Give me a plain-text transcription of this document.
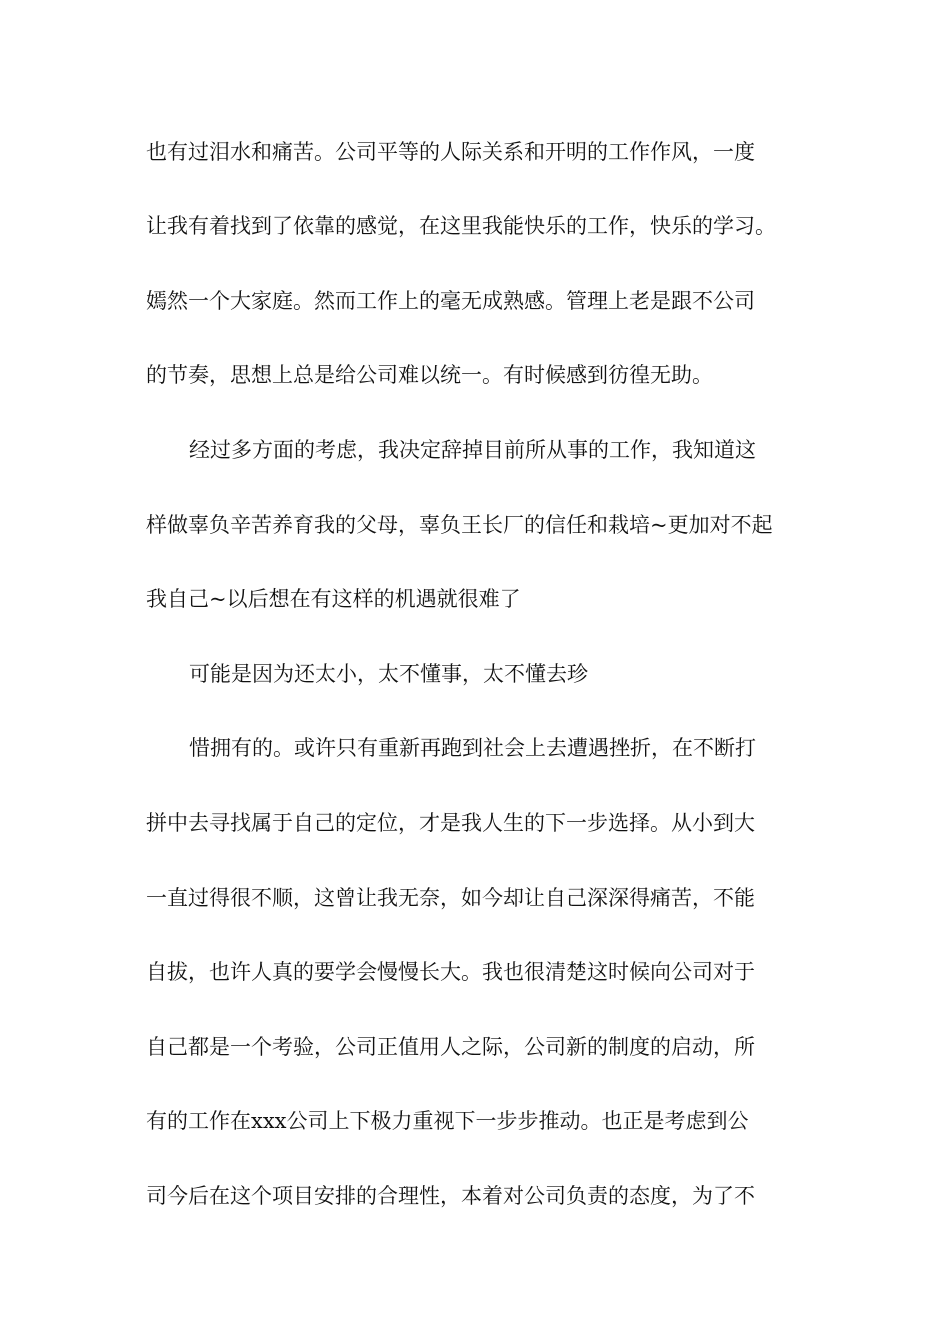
也有过泪水和痛苦。公司平等的人际关系和开明的工作作风，一度
让我有着找到了依靠的感觉，在这里我能快乐的工作，快乐的学习。
嫣然一个大家庭。然而工作上的毫无成熟感。管理上老是跟不公司
的节奏，思想上总是给公司难以统一。有时候感到彷徨无助。
经过多方面的考虑，我决定辞掉目前所从事的工作，我知道这
样做辜负辛苦养育我的父母，辜负王长厂的信任和栽培~更加对不起
我自己~以后想在有这样的机遇就很难了
可能是因为还太小，太不懂事，太不懂去珍
惜拥有的。或许只有重新再跑到社会上去遭遇挫折，在不断打
拼中去寻找属于自己的定位，才是我人生的下一步选择。从小到大
一直过得很不顺，这曾让我无奈，如今却让自己深深得痛苦，不能
自拔，也许人真的要学会慢慢长大。我也很清楚这时候向公司对于
自己都是一个考验，公司正值用人之际，公司新的制度的启动，所
有的工作在xxx公司上下极力重视下一步步推动。也正是考虑到公
司今后在这个项目安排的合理性，本着对公司负责的态度，为了不
